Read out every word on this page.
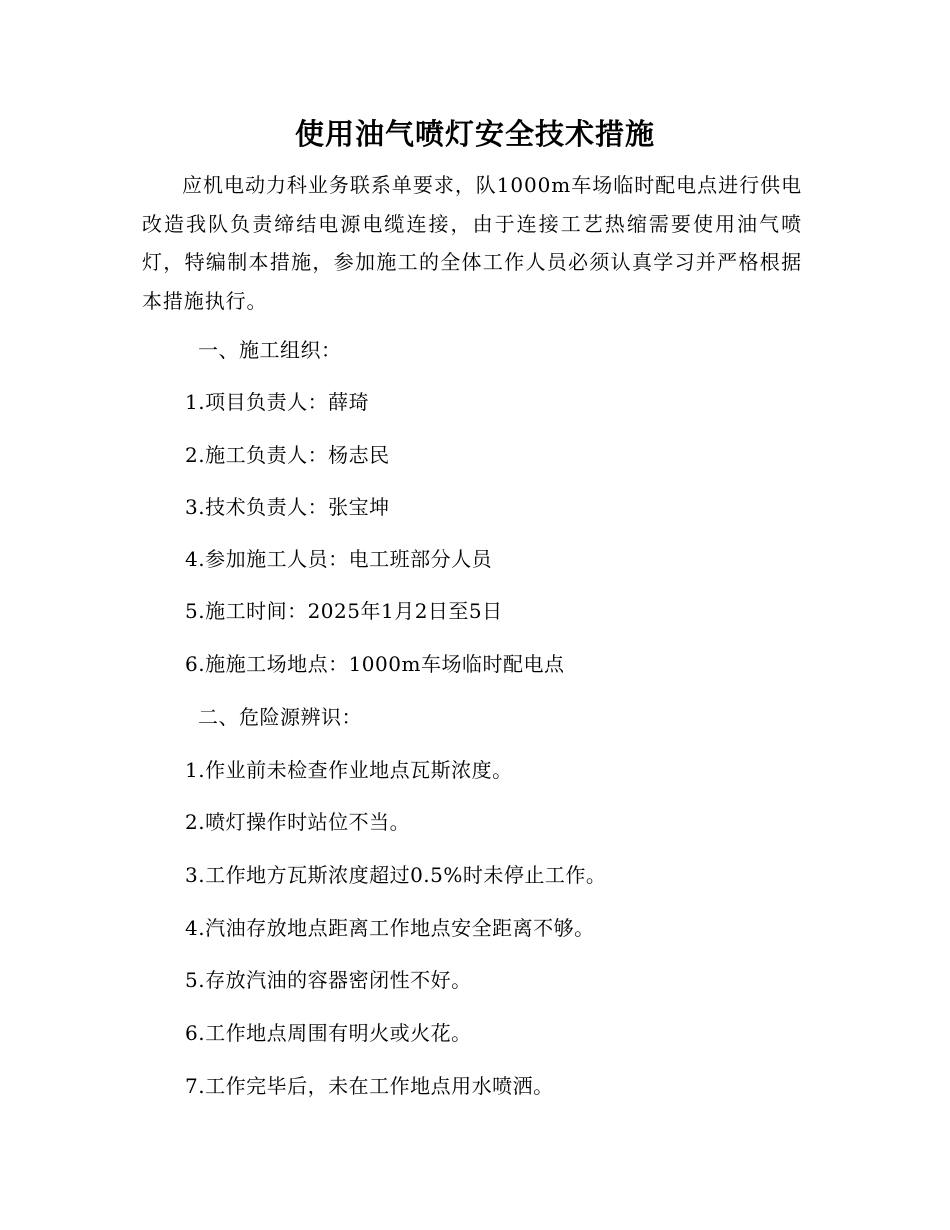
使用油气喷灯安全技术措施
应机电动力科业务联系单要求，队1000m车场临时配电点进行供电改造我队负责缔结电源电缆连接，由于连接工艺热缩需要使用油气喷灯，特编制本措施，参加施工的全体工作人员必须认真学习并严格根据本措施执行。
一、施工组织：
1.项目负责人：薛琦
2.施工负责人：杨志民
3.技术负责人：张宝坤
4.参加施工人员：电工班部分人员
5.施工时间：2025年1月2日至5日
6.施施工场地点：1000m车场临时配电点
二、危险源辨识：
1.作业前未检查作业地点瓦斯浓度。
2.喷灯操作时站位不当。
3.工作地方瓦斯浓度超过0.5%时未停止工作。
4.汽油存放地点距离工作地点安全距离不够。
5.存放汽油的容器密闭性不好。
6.工作地点周围有明火或火花。
7.工作完毕后，未在工作地点用水喷洒。
